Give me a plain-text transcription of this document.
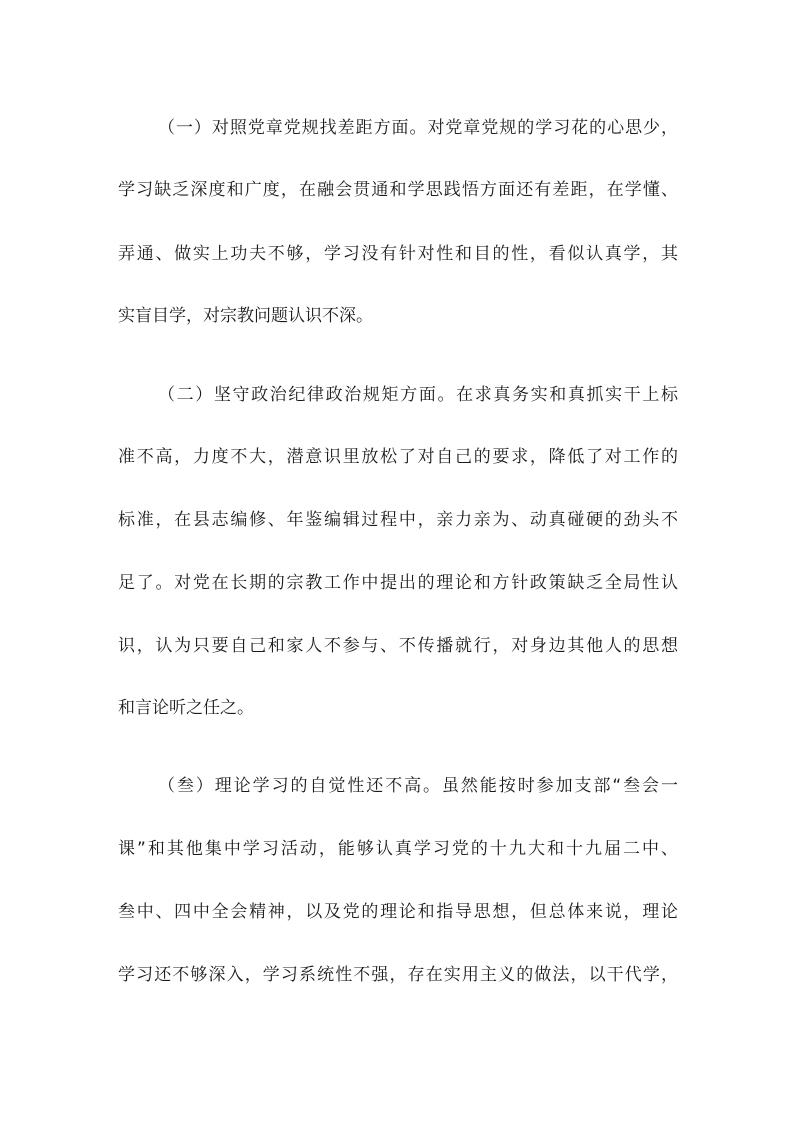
（一）对照党章党规找差距方面。对党章党规的学习花的心思少，
学习缺乏深度和广度，在融会贯通和学思践悟方面还有差距，在学懂、
弄通、做实上功夫不够，学习没有针对性和目的性，看似认真学，其
实盲目学，对宗教问题认识不深。
（二）坚守政治纪律政治规矩方面。在求真务实和真抓实干上标
准不高，力度不大，潜意识里放松了对自己的要求，降低了对工作的
标准，在县志编修、年鉴编辑过程中，亲力亲为、动真碰硬的劲头不
足了。对党在长期的宗教工作中提出的理论和方针政策缺乏全局性认
识，认为只要自己和家人不参与、不传播就行，对身边其他人的思想
和言论听之任之。
（叁）理论学习的自觉性还不高。虽然能按时参加支部“叁会一
课”和其他集中学习活动，能够认真学习党的十九大和十九届二中、
叁中、四中全会精神，以及党的理论和指导思想，但总体来说，理论
学习还不够深入，学习系统性不强，存在实用主义的做法，以干代学，
